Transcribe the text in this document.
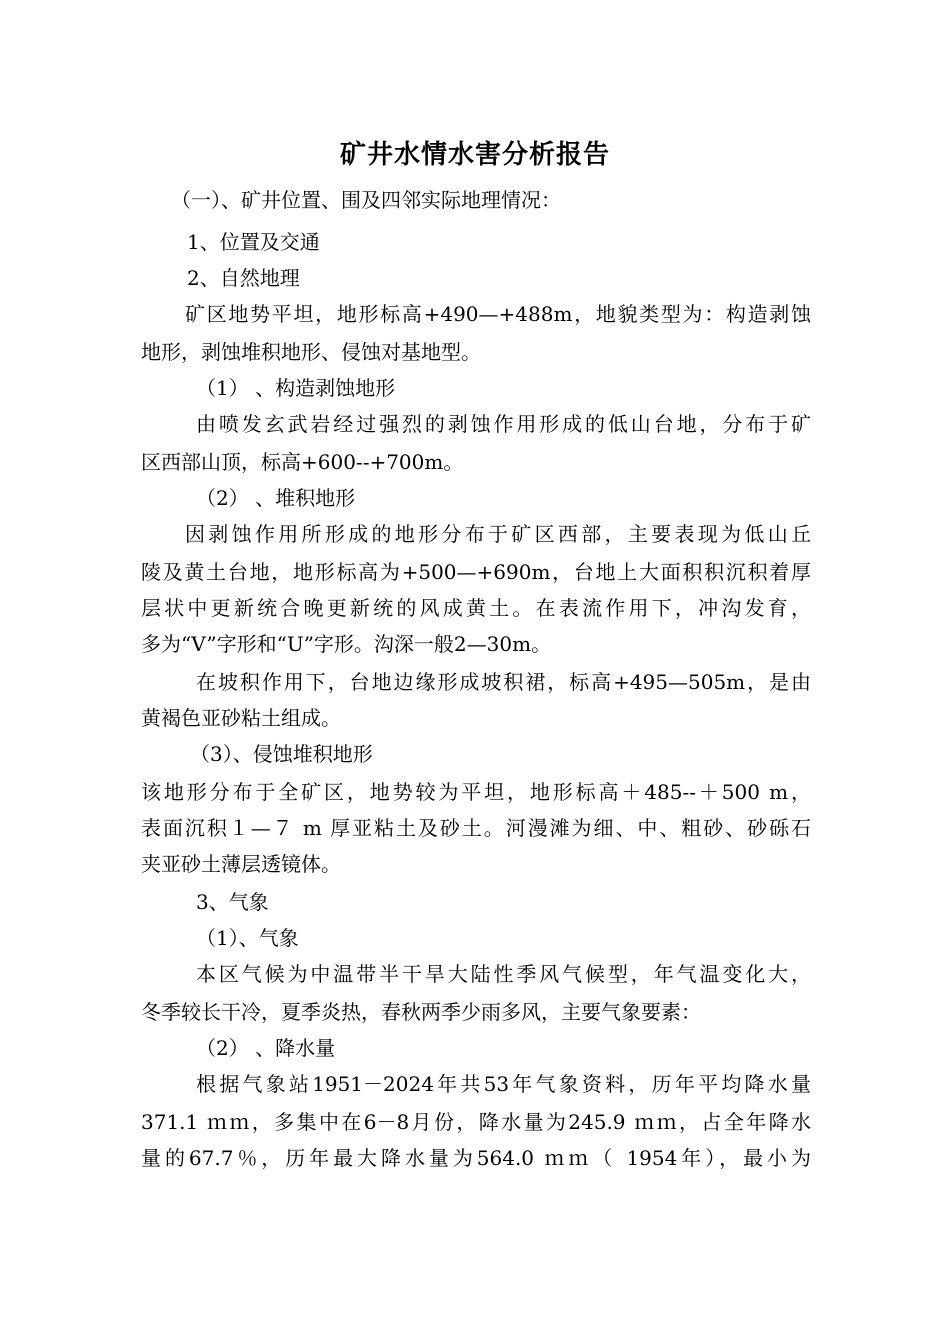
矿井水情水害分析报告
（一）、矿井位置、围及四邻实际地理情况：
1、位置及交通
2、自然地理
矿区地势平坦，地形标高+490—+488m，地貌类型为：构造剥蚀
地形，剥蚀堆积地形、侵蚀对基地型。
（1） 、构造剥蚀地形
由喷发玄武岩经过强烈的剥蚀作用形成的低山台地，分布于矿
区西部山顶，标高+600--+700m。
（2） 、堆积地形
因剥蚀作用所形成的地形分布于矿区西部，主要表现为低山丘
陵及黄土台地，地形标高为+500—+690m，台地上大面积积沉积着厚
层状中更新统合晚更新统的风成黄土。在表流作用下，冲沟发育，
多为“V”字形和“U”字形。沟深一般2—30m。
在坡积作用下，台地边缘形成坡积裙，标高+495—505m，是由
黄褐色亚砂粘土组成。
（3）、侵蚀堆积地形
该地形分布于全矿区，地势较为平坦，地形标高＋485--＋500 m，
表面沉积１—７ m 厚亚粘土及砂土。河漫滩为细、中、粗砂、砂砾石
夹亚砂土薄层透镜体。
3、气象
（1）、气象
本区气候为中温带半干旱大陆性季风气候型，年气温变化大，
冬季较长干冷，夏季炎热，春秋两季少雨多风，主要气象要素：
（2） 、降水量
根据气象站1951－2024年共53年气象资料，历年平均降水量
371.1 ｍｍ，多集中在6－8月份，降水量为245.9 ｍｍ，占全年降水
量的67.7％，历年最大降水量为564.0 ｍｍ（ 1954年），最小为
